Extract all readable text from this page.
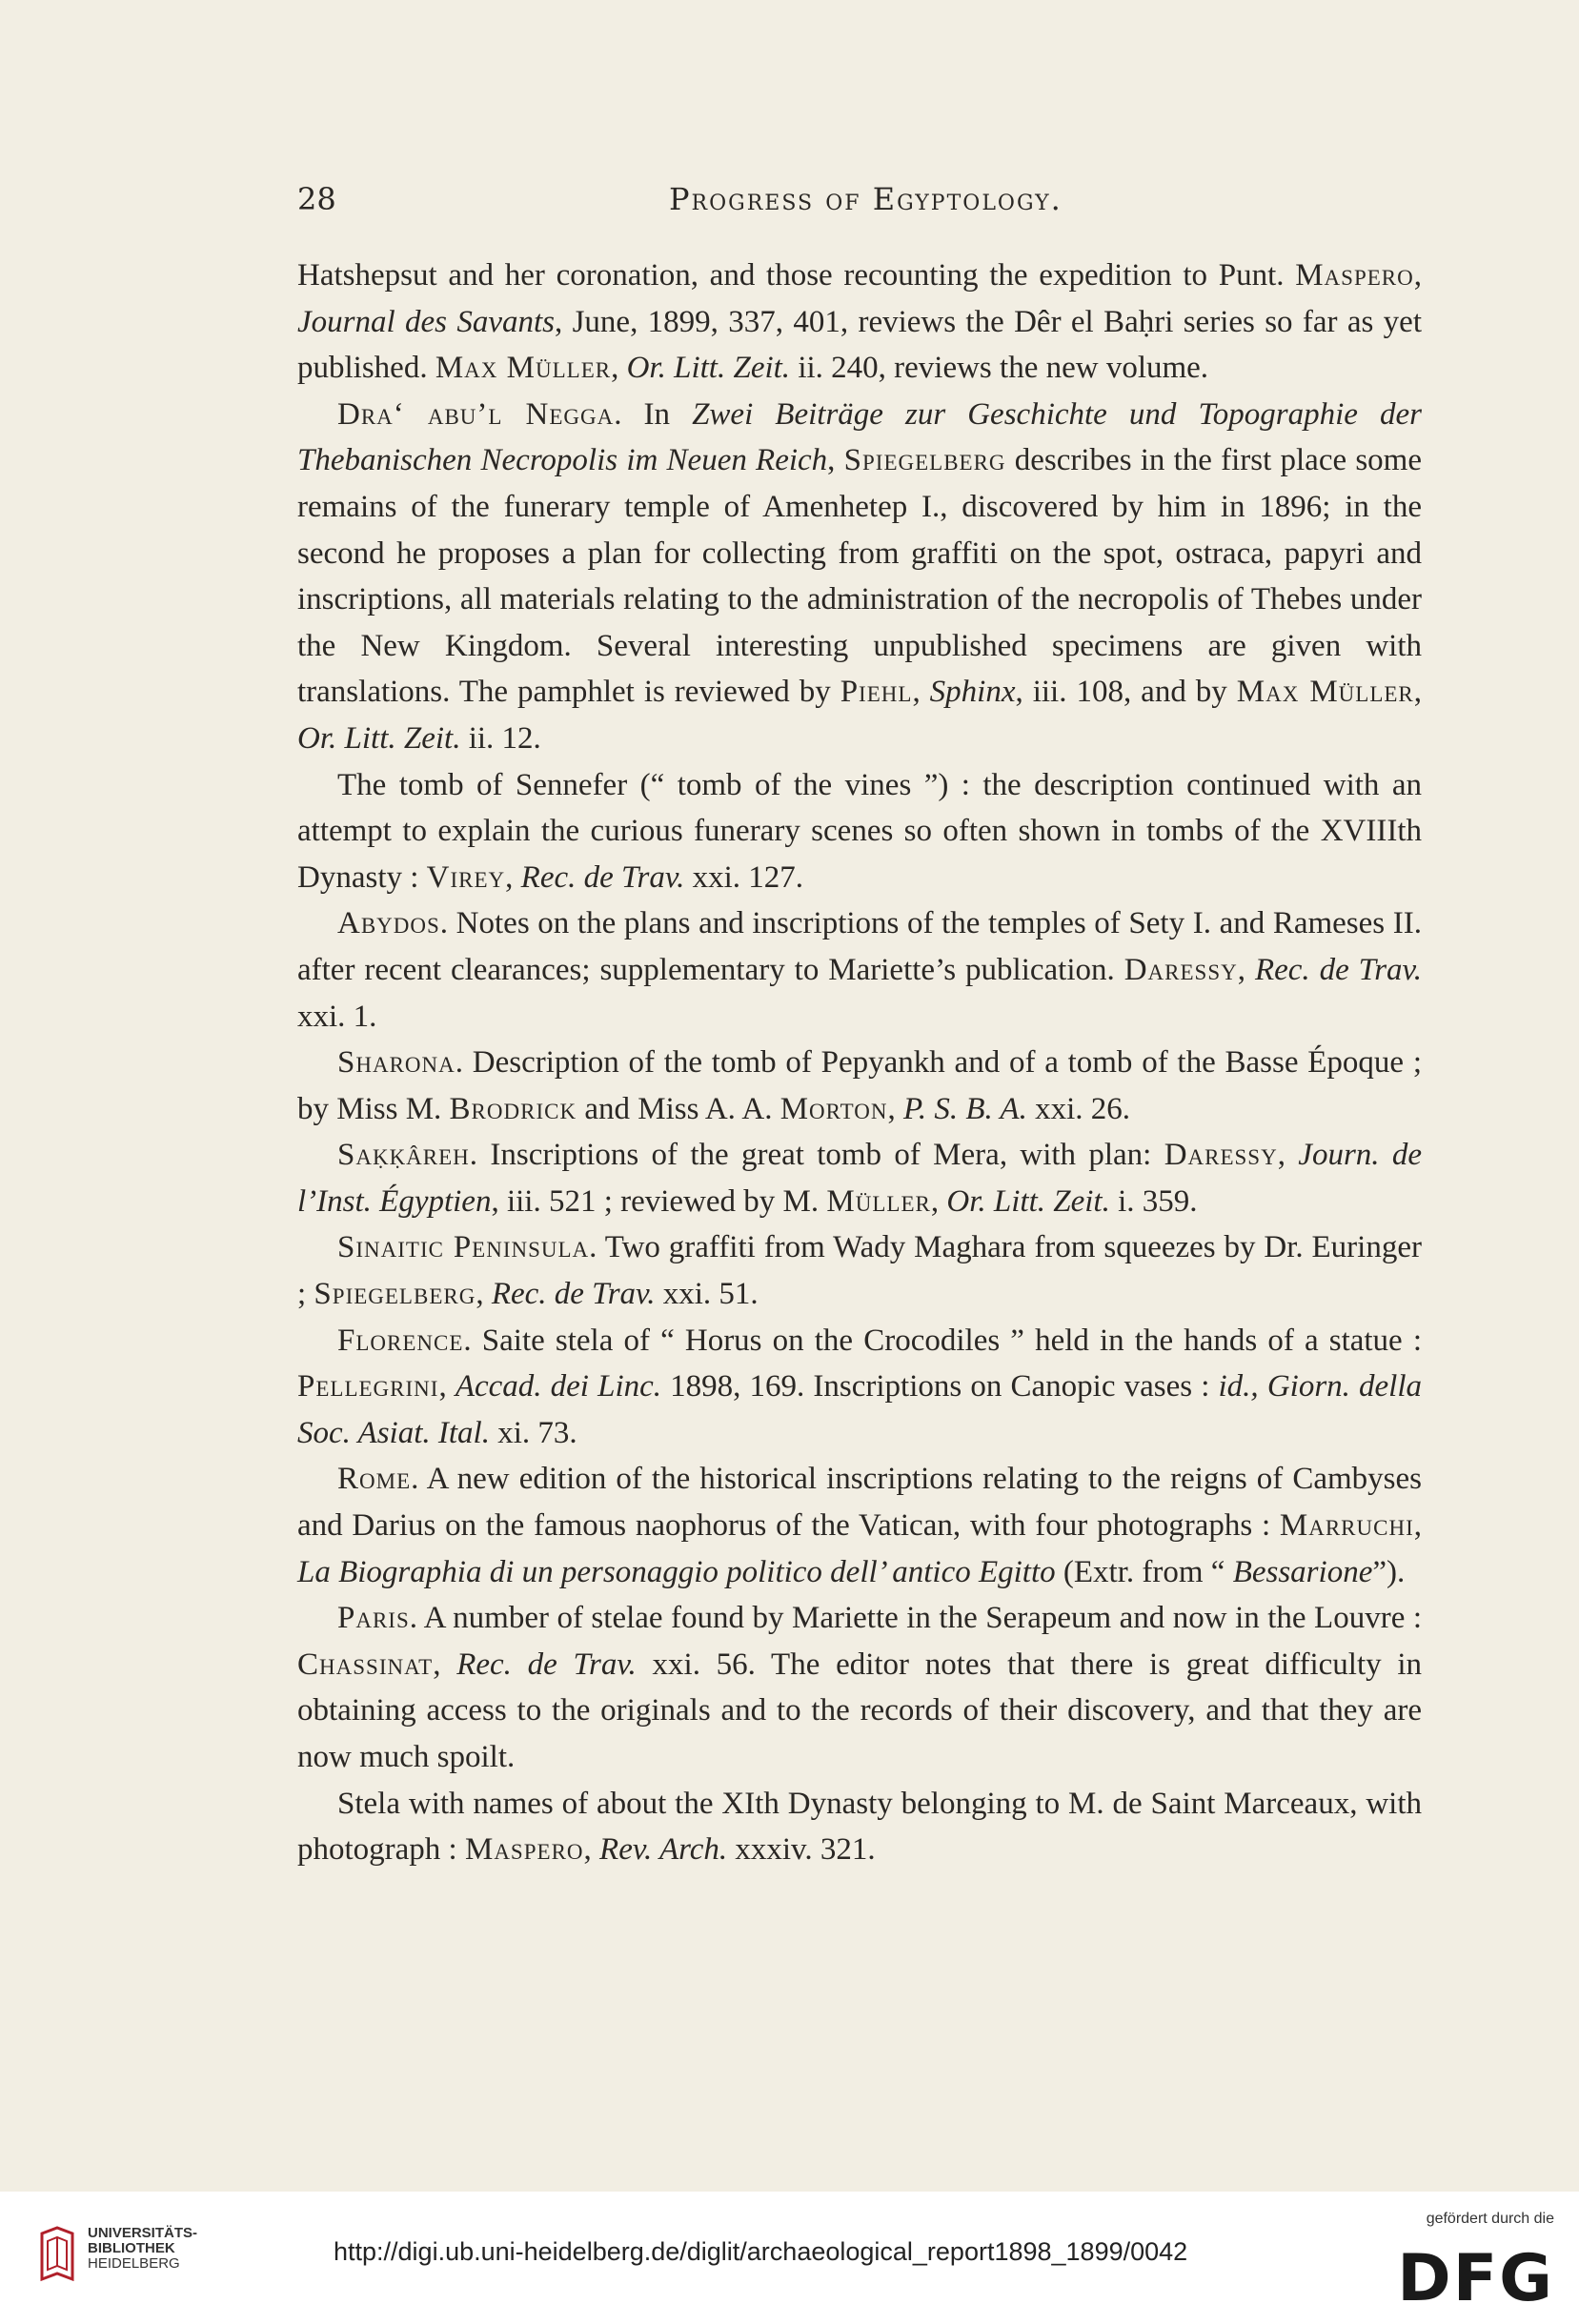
28	Progress of Egyptology.

Hatshepsut and her coronation, and those recounting the expedition to Punt. Maspero, Journal des Savants, June, 1899, 337, 401, reviews the Dêr el Baḥri series so far as yet published. Max Müller, Or. Litt. Zeit. ii. 240, reviews the new volume.

Dra‘ abu’l Negga. In Zwei Beiträge zur Geschichte und Topographie der Thebanischen Necropolis im Neuen Reich, Spiegelberg describes in the first place some remains of the funerary temple of Amenhetep I., discovered by him in 1896; in the second he proposes a plan for collecting from graffiti on the spot, ostraca, papyri and inscriptions, all materials relating to the administration of the necropolis of Thebes under the New Kingdom. Several interesting unpublished specimens are given with translations. The pamphlet is reviewed by Piehl, Sphinx, iii. 108, and by Max Müller, Or. Litt. Zeit. ii. 12.

The tomb of Sennefer (“ tomb of the vines ”) : the description continued with an attempt to explain the curious funerary scenes so often shown in tombs of the XVIIIth Dynasty : Virey, Rec. de Trav. xxi. 127.

Abydos. Notes on the plans and inscriptions of the temples of Sety I. and Rameses II. after recent clearances; supplementary to Mariette’s publication. Daressy, Rec. de Trav. xxi. 1.

Sharona. Description of the tomb of Pepyankh and of a tomb of the Basse Époque ; by Miss M. Brodrick and Miss A. A. Morton, P. S. B. A. xxi. 26.

Saḳḳâreh. Inscriptions of the great tomb of Mera, with plan: Daressy, Journ. de l’Inst. Égyptien, iii. 521 ; reviewed by M. Müller, Or. Litt. Zeit. i. 359.

Sinaitic Peninsula. Two graffiti from Wady Maghara from squeezes by Dr. Euringer ; Spiegelberg, Rec. de Trav. xxi. 51.

Florence. Saite stela of “ Horus on the Crocodiles ” held in the hands of a statue : Pellegrini, Accad. dei Linc. 1898, 169. Inscriptions on Canopic vases : id., Giorn. della Soc. Asiat. Ital. xi. 73.

Rome. A new edition of the historical inscriptions relating to the reigns of Cambyses and Darius on the famous naophorus of the Vatican, with four photographs : Marruchi, La Biographia di un personaggio politico dell’ antico Egitto (Extr. from “ Bessarione”).

Paris. A number of stelae found by Mariette in the Serapeum and now in the Louvre : Chassinat, Rec. de Trav. xxi. 56. The editor notes that there is great difficulty in obtaining access to the originals and to the records of their discovery, and that they are now much spoilt.

Stela with names of about the XIth Dynasty belonging to M. de Saint Marceaux, with photograph : Maspero, Rev. Arch. xxxiv. 321.

UNIVERSITÄTS-
BIBLIOTHEK
HEIDELBERG	http://digi.ub.uni-heidelberg.de/diglit/archaeological_report1898_1899/0042
gefördert durch die
DFG
